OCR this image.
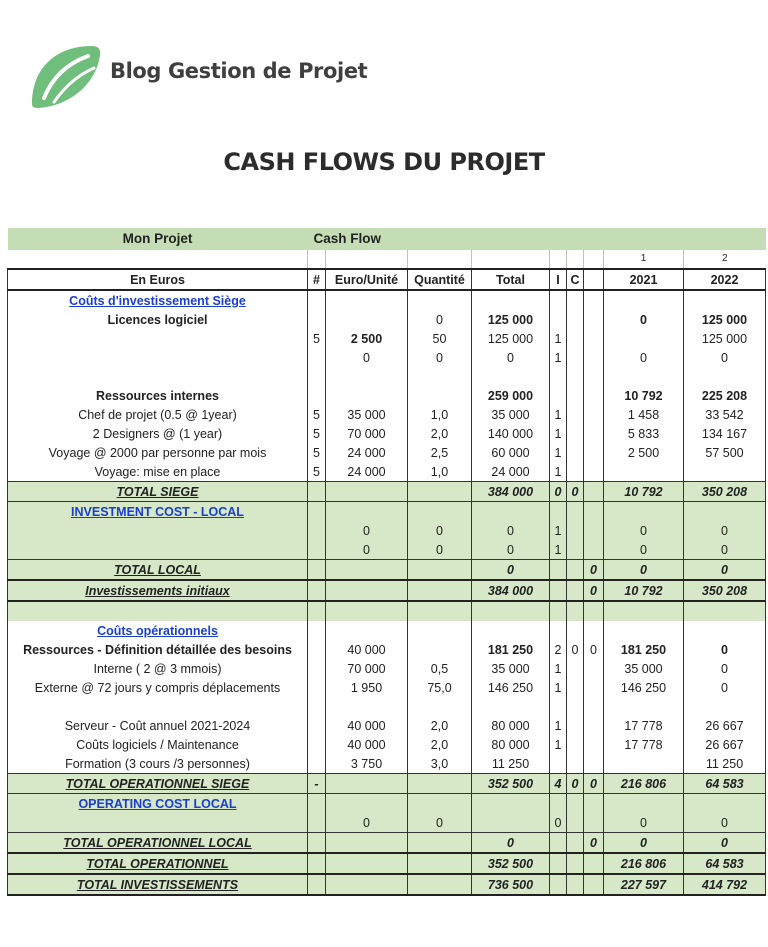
Blog Gestion de Projet
CASH FLOWS DU PROJET
Mon Projet	Cash Flow								
								1	2
En Euros	#	Euro/Unité	Quantité	Total	I	C		2021	2022
Coûts d'investissement Siège									
Licences logiciel			0	125 000				0	125 000
	5	2 500	50	125 000	1				125 000
		0	0	0	1			0	0

Ressources internes				259 000				10 792	225 208
Chef de projet (0.5 @ 1year)	5	35 000	1,0	35 000	1			1 458	33 542
2 Designers @ (1 year)	5	70 000	2,0	140 000	1			5 833	134 167
Voyage @ 2000 par personne par mois	5	24 000	2,5	60 000	1			2 500	57 500
Voyage: mise en place	5	24 000	1,0	24 000	1				
TOTAL SIEGE				384 000	0	0		10 792	350 208
INVESTMENT COST - LOCAL									
		0	0	0	1			0	0
		0	0	0	1			0	0
TOTAL LOCAL				0			0	0	0
Investissements initiaux				384 000			0	10 792	350 208

Coûts opérationnels									
Ressources - Définition détaillée des besoins		40 000		181 250	2	0	0	181 250	0
Interne ( 2 @ 3 mmois)		70 000	0,5	35 000	1			35 000	0
Externe @ 72 jours y compris déplacements		1 950	75,0	146 250	1			146 250	0

Serveur - Coût annuel 2021-2024		40 000	2,0	80 000	1			17 778	26 667
Coûts logiciels / Maintenance		40 000	2,0	80 000	1			17 778	26 667
Formation (3 cours /3 personnes)		3 750	3,0	11 250					11 250
TOTAL OPERATIONNEL SIEGE	-			352 500	4	0	0	216 806	64 583
OPERATING COST LOCAL									
		0	0		0			0	0
TOTAL OPERATIONNEL LOCAL				0			0	0	0
TOTAL OPERATIONNEL				352 500				216 806	64 583
TOTAL INVESTISSEMENTS				736 500				227 597	414 792
